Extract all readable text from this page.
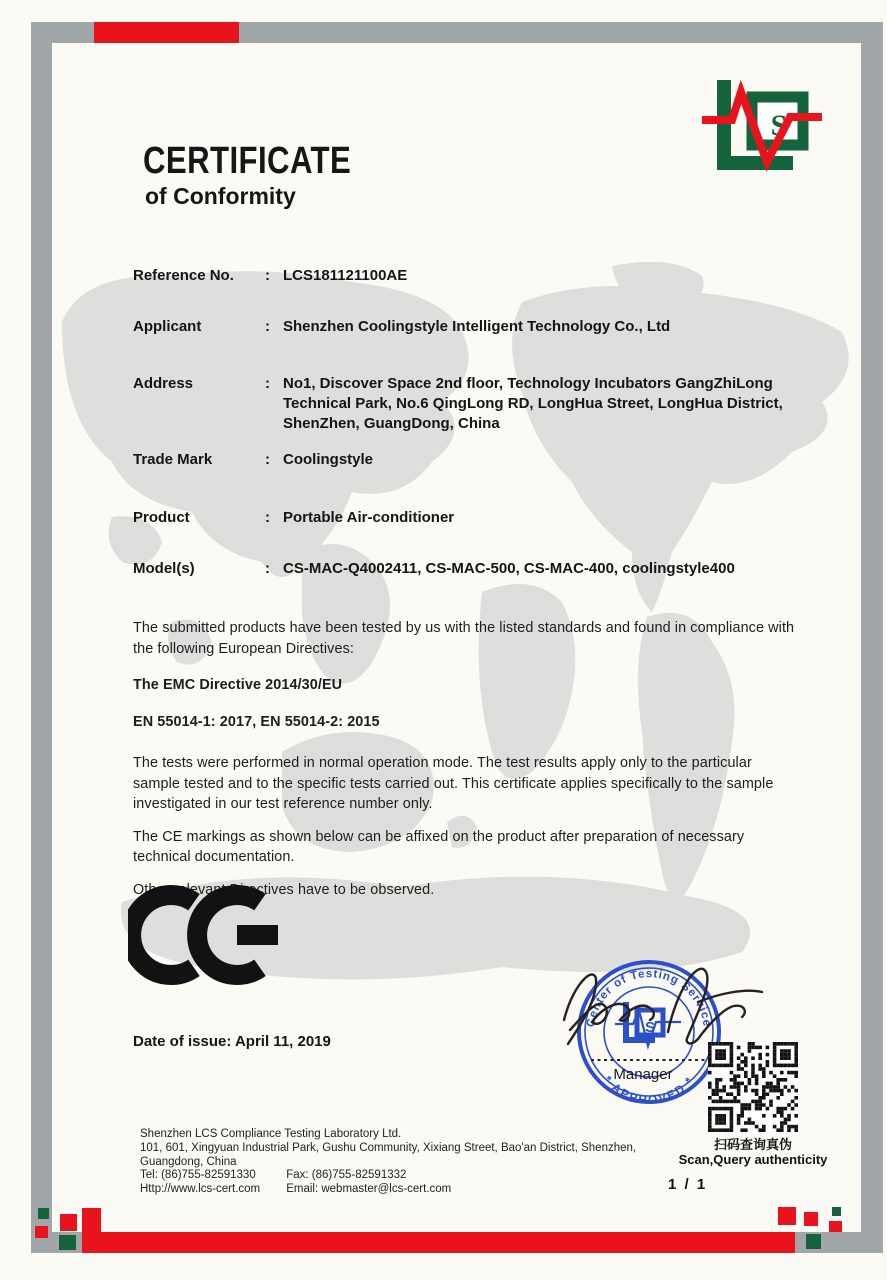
S
CERTIFICATE
of Conformity
Reference No.	: LCS181121100AE
Applicant	: Shenzhen Coolingstyle Intelligent Technology Co., Ltd
Address	: No1, Discover Space 2nd floor, Technology Incubators GangZhiLong Technical Park, No.6 QingLong RD, LongHua Street, LongHua District, ShenZhen, GuangDong, China
Trade Mark	: Coolingstyle
Product	: Portable Air-conditioner
Model(s)	: CS-MAC-Q4002411, CS-MAC-500, CS-MAC-400, coolingstyle400

The submitted products have been tested by us with the listed standards and found in compliance with the following European Directives:

The EMC Directive 2014/30/EU

EN 55014-1: 2017, EN 55014-2: 2015

The tests were performed in normal operation mode. The test results apply only to the particular sample tested and to the specific tests carried out. This certificate applies specifically to the sample investigated in our test reference number only.

The CE markings as shown below can be affixed on the product after preparation of necessary technical documentation.

Other relevant Directives have to be observed.

Date of issue: April 11, 2019
Center of Testing Service
* APPROVED *
S
Manager
扫码查询真伪
Scan,Query authenticity
Shenzhen LCS Compliance Testing Laboratory Ltd.
101, 601, Xingyuan Industrial Park, Gushu Community, Xixiang Street, Bao'an District, Shenzhen,
Guangdong, China
Tel: (86)755-82591330	Fax: (86)755-82591332
Http://www.lcs-cert.com Email: webmaster@lcs-cert.com	1 / 1
